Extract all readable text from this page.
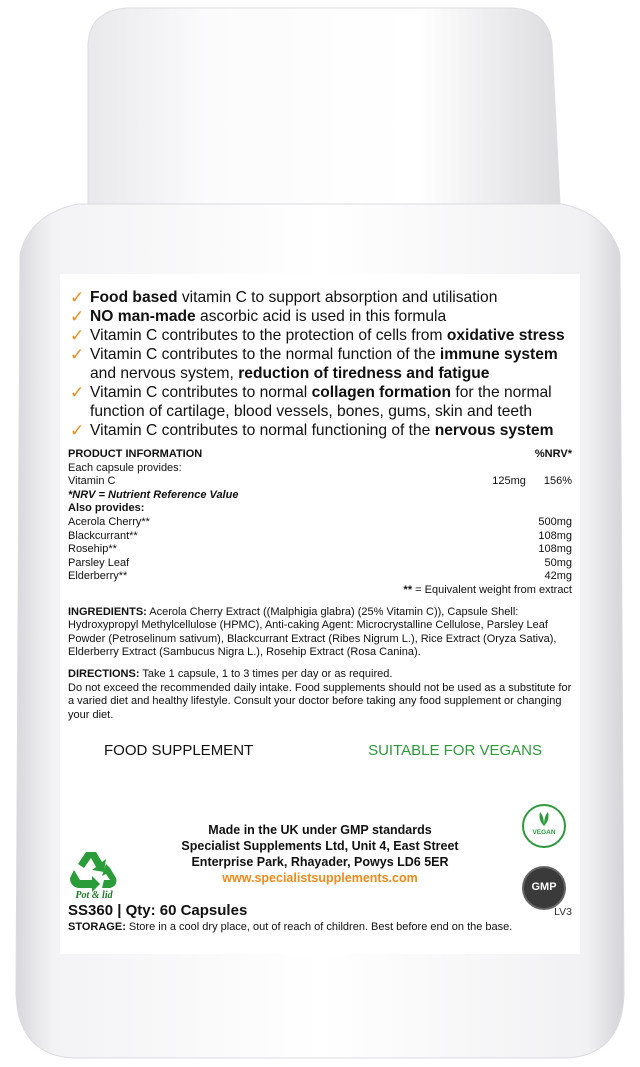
✓ Food based vitamin C to support absorption and utilisation
✓ NO man-made ascorbic acid is used in this formula
✓ Vitamin C contributes to the protection of cells from oxidative stress
✓ Vitamin C contributes to the normal function of the immune system and nervous system, reduction of tiredness and fatigue
✓ Vitamin C contributes to normal collagen formation for the normal function of cartilage, blood vessels, bones, gums, skin and teeth
✓ Vitamin C contributes to normal functioning of the nervous system
PRODUCT INFORMATION	%NRV*
Each capsule provides:
Vitamin C	125mg 156%
*NRV = Nutrient Reference Value
Also provides:
Acerola Cherry**	500mg
Blackcurrant**	108mg
Rosehip**	108mg
Parsley Leaf	50mg
Elderberry**	42mg
** = Equivalent weight from extract
INGREDIENTS: Acerola Cherry Extract ((Malphigia glabra) (25% Vitamin C)), Capsule Shell: Hydroxypropyl Methylcellulose (HPMC), Anti-caking Agent: Microcrystalline Cellulose, Parsley Leaf Powder (Petroselinum sativum), Blackcurrant Extract (Ribes Nigrum L.), Rice Extract (Oryza Sativa), Elderberry Extract (Sambucus Nigra L.), Rosehip Extract (Rosa Canina).
DIRECTIONS: Take 1 capsule, 1 to 3 times per day or as required.
Do not exceed the recommended daily intake. Food supplements should not be used as a substitute for a varied diet and healthy lifestyle. Consult your doctor before taking any food supplement or changing your diet.
FOOD SUPPLEMENT	SUITABLE FOR VEGANS
Pot & lid
Made in the UK under GMP standards
Specialist Supplements Ltd, Unit 4, East Street
Enterprise Park, Rhayader, Powys LD6 5ER
www.specialistsupplements.com
VEGAN
GMP
SS360 | Qty: 60 Capsules	LV3
STORAGE: Store in a cool dry place, out of reach of children. Best before end on the base.
